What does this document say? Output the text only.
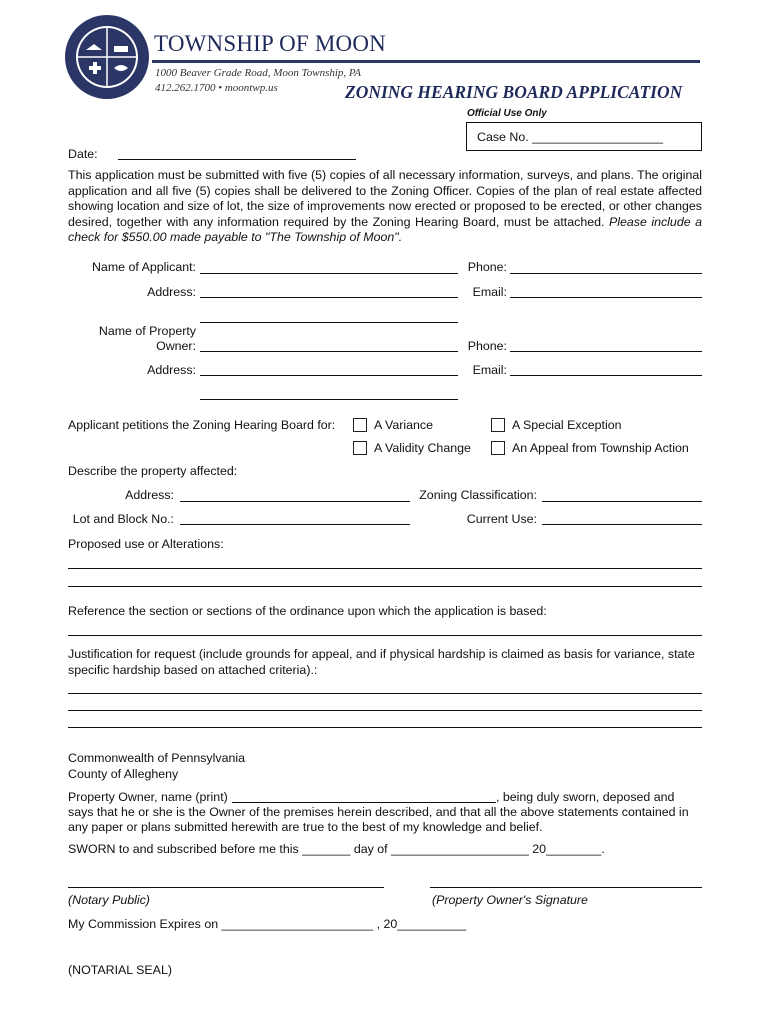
TOWNSHIP OF MOON
1000 Beaver Grade Road, Moon Township, PA
412.262.1700 • moontwp.us	ZONING HEARING BOARD APPLICATION
Official Use Only
Case No. ___________________
Date:
This application must be submitted with five (5) copies of all necessary information, surveys, and plans. The original application and all five (5) copies shall be delivered to the Zoning Officer. Copies of the plan of real estate affected showing location and size of lot, the size of improvements now erected or proposed to be erected, or other changes desired, together with any information required by the Zoning Hearing Board, must be attached. Please include a check for $550.00 made payable to "The Township of Moon".
Name of Applicant:	Phone:
Address:	Email:
Name of Property
Owner:	Phone:
Address:	Email:
Applicant petitions the Zoning Hearing Board for:	A Variance	A Special Exception
A Validity Change	An Appeal from Township Action
Describe the property affected:
Address:	Zoning Classification:
Lot and Block No.:	Current Use:
Proposed use or Alterations:
Reference the section or sections of the ordinance upon which the application is based:
Justification for request (include grounds for appeal, and if physical hardship is claimed as basis for variance, state specific hardship based on attached criteria).:
Commonwealth of Pennsylvania
County of Allegheny
Property Owner, name (print)	, being duly sworn, deposed and
says that he or she is the Owner of the premises herein described, and that all the above statements contained in
any paper or plans submitted herewith are true to the best of my knowledge and belief.
SWORN to and subscribed before me this _______ day of ____________________ 20________.
(Notary Public)	(Property Owner's Signature
My Commission Expires on ______________________ , 20__________
(NOTARIAL SEAL)
